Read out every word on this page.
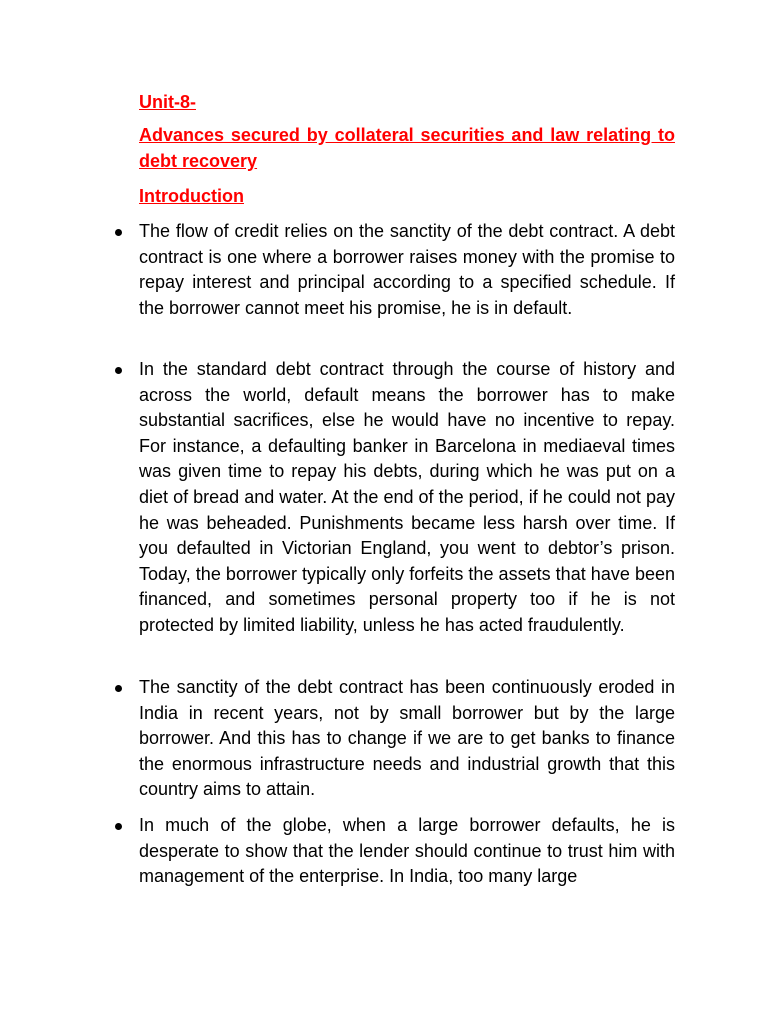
Unit-8-

Advances secured by collateral securities and law relating to debt recovery

Introduction

The flow of credit relies on the sanctity of the debt contract. A debt contract is one where a borrower raises money with the promise to repay interest and principal according to a specified schedule. If the borrower cannot meet his promise, he is in default.

In the standard debt contract through the course of history and across the world, default means the borrower has to make substantial sacrifices, else he would have no incentive to repay. For instance, a defaulting banker in Barcelona in mediaeval times was given time to repay his debts, during which he was put on a diet of bread and water. At the end of the period, if he could not pay he was beheaded. Punishments became less harsh over time. If you defaulted in Victorian England, you went to debtor’s prison. Today, the borrower typically only forfeits the assets that have been financed, and sometimes personal property too if he is not protected by limited liability, unless he has acted fraudulently.

The sanctity of the debt contract has been continuously eroded in India in recent years, not by small borrower but by the large borrower. And this has to change if we are to get banks to finance the enormous infrastructure needs and industrial growth that this country aims to attain.

In much of the globe, when a large borrower defaults, he is desperate to show that the lender should continue to trust him with management of the enterprise. In India, too many large
